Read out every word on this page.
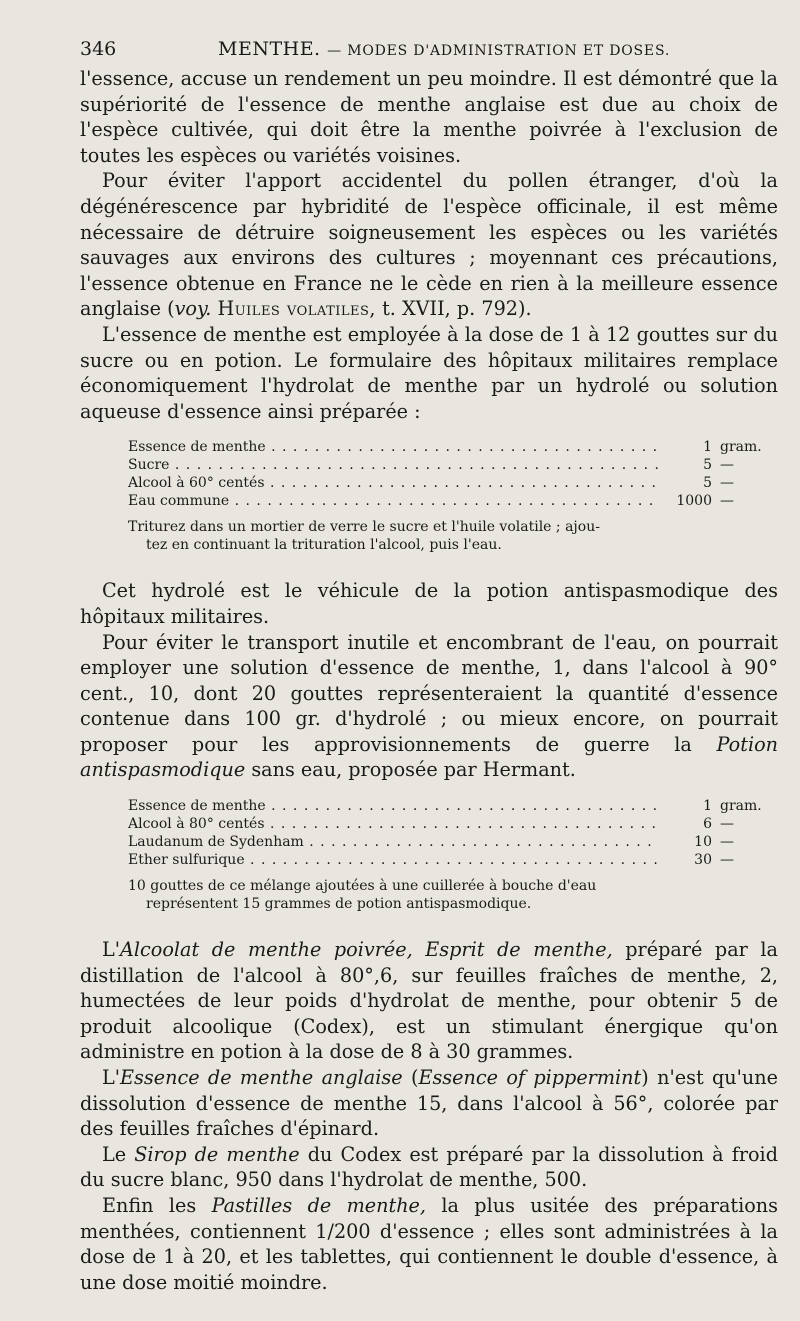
346	MENTHE. — MODES D'ADMINISTRATION ET DOSES.

l'essence, accuse un rendement un peu moindre. Il est démontré que la supériorité de l'essence de menthe anglaise est due au choix de l'espèce cultivée, qui doit être la menthe poivrée à l'exclusion de toutes les espèces ou variétés voisines.

Pour éviter l'apport accidentel du pollen étranger, d'où la dégénérescence par hybridité de l'espèce officinale, il est même nécessaire de détruire soigneusement les espèces ou les variétés sauvages aux environs des cultures ; moyennant ces précautions, l'essence obtenue en France ne le cède en rien à la meilleure essence anglaise (voy. Huiles volatiles, t. XVII, p. 792).

L'essence de menthe est employée à la dose de 1 à 12 gouttes sur du sucre ou en potion. Le formulaire des hôpitaux militaires remplace économiquement l'hydrolat de menthe par un hydrolé ou solution aqueuse d'essence ainsi préparée :

Essence de menthe . . .	1 gram.
Sucre . . .	5 —
Alcool à 60° centés . . .	5 —
Eau commune . . .	1000 —
Triturez dans un mortier de verre le sucre et l'huile volatile ; ajou-
tez en continuant la trituration l'alcool, puis l'eau.

Cet hydrolé est le véhicule de la potion antispasmodique des hôpitaux militaires.

Pour éviter le transport inutile et encombrant de l'eau, on pourrait employer une solution d'essence de menthe, 1, dans l'alcool à 90° cent., 10, dont 20 gouttes représenteraient la quantité d'essence contenue dans 100 gr. d'hydrolé ; ou mieux encore, on pourrait proposer pour les approvisionnements de guerre la Potion antispasmodique sans eau, proposée par Hermant.

Essence de menthe . . .	1 gram.
Alcool à 80° centés . . .	6 —
Laudanum de Sydenham . . .	10 —
Ether sulfurique . . .	30 —
10 gouttes de ce mélange ajoutées à une cuillerée à bouche d'eau
représentent 15 grammes de potion antispasmodique.

L'Alcoolat de menthe poivrée, Esprit de menthe, préparé par la distillation de l'alcool à 80°,6, sur feuilles fraîches de menthe, 2, humectées de leur poids d'hydrolat de menthe, pour obtenir 5 de produit alcoolique (Codex), est un stimulant énergique qu'on administre en potion à la dose de 8 à 30 grammes.

L'Essence de menthe anglaise (Essence of pippermint) n'est qu'une dissolution d'essence de menthe 15, dans l'alcool à 56°, colorée par des feuilles fraîches d'épinard.

Le Sirop de menthe du Codex est préparé par la dissolution à froid du sucre blanc, 950 dans l'hydrolat de menthe, 500.

Enfin les Pastilles de menthe, la plus usitée des préparations menthées, contiennent 1/200 d'essence ; elles sont administrées à la dose de 1 à 20, et les tablettes, qui contiennent le double d'essence, à une dose moitié moindre.
